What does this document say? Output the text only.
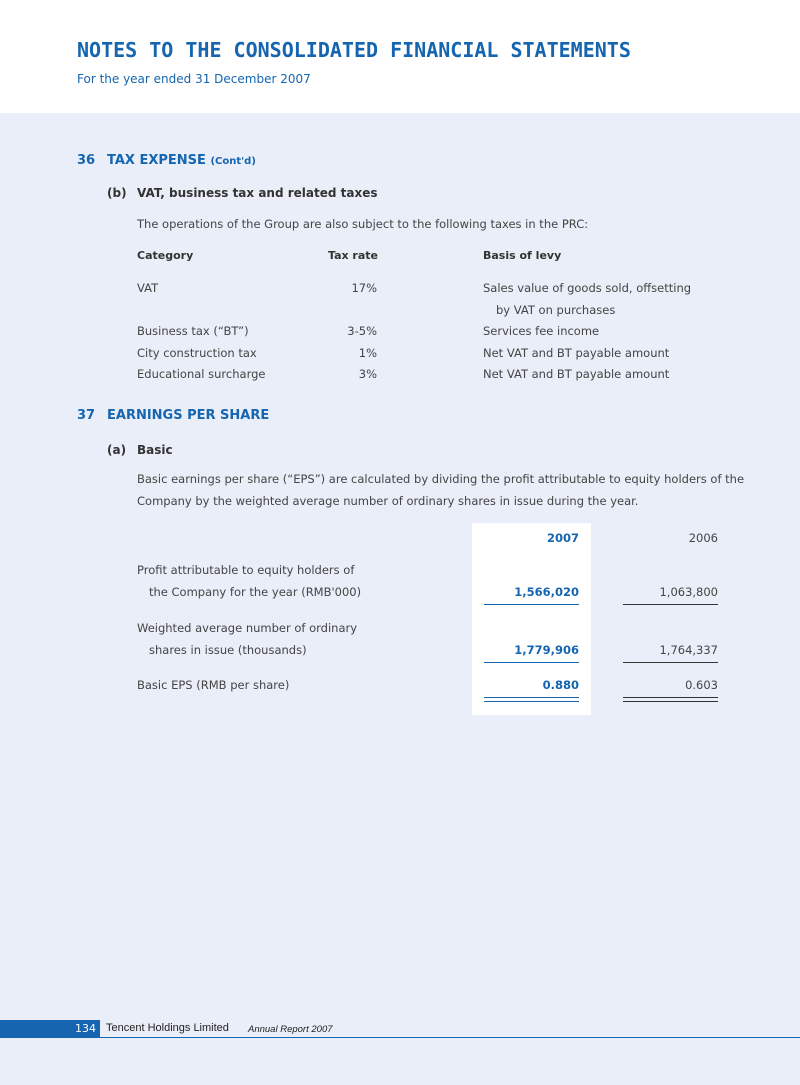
NOTES TO THE CONSOLIDATED FINANCIAL STATEMENTS
For the year ended 31 December 2007
36 TAX EXPENSE (Cont'd)
(b) VAT, business tax and related taxes
The operations of the Group are also subject to the following taxes in the PRC:
Category	Tax rate	Basis of levy
VAT	17%	Sales value of goods sold, offsetting
by VAT on purchases
Business tax (“BT”)	3-5%	Services fee income
City construction tax	1%	Net VAT and BT payable amount
Educational surcharge	3%	Net VAT and BT payable amount
37 EARNINGS PER SHARE
(a) Basic
Basic earnings per share (“EPS”) are calculated by dividing the profit attributable to equity holders of the
Company by the weighted average number of ordinary shares in issue during the year.
2007	2006
Profit attributable to equity holders of
the Company for the year (RMB'000)	1,566,020	1,063,800
Weighted average number of ordinary
shares in issue (thousands)	1,779,906	1,764,337
Basic EPS (RMB per share)	0.880	0.603
134 Tencent Holdings Limited Annual Report 2007
